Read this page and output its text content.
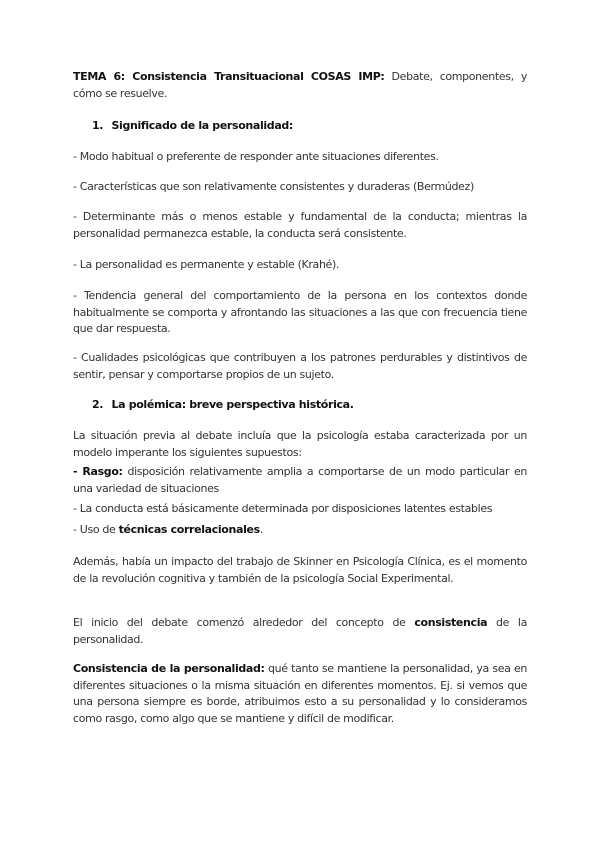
TEMA 6: Consistencia Transituacional COSAS IMP: Debate, componentes, y cómo se resuelve.

1. Significado de la personalidad:

- Modo habitual o preferente de responder ante situaciones diferentes.

- Características que son relativamente consistentes y duraderas (Bermúdez)

- Determinante más o menos estable y fundamental de la conducta; mientras la personalidad permanezca estable, la conducta será consistente.

- La personalidad es permanente y estable (Krahé).

- Tendencia general del comportamiento de la persona en los contextos donde habitualmente se comporta y afrontando las situaciones a las que con frecuencia tiene que dar respuesta.

- Cualidades psicológicas que contribuyen a los patrones perdurables y distintivos de sentir, pensar y comportarse propios de un sujeto.

2. La polémica: breve perspectiva histórica.

La situación previa al debate incluía que la psicología estaba caracterizada por un modelo imperante los siguientes supuestos:

- Rasgo: disposición relativamente amplia a comportarse de un modo particular en una variedad de situaciones

- La conducta está básicamente determinada por disposiciones latentes estables

- Uso de técnicas correlacionales.

Además, había un impacto del trabajo de Skinner en Psicología Clínica, es el momento de la revolución cognitiva y también de la psicología Social Experimental.

El inicio del debate comenzó alrededor del concepto de consistencia de la personalidad.

Consistencia de la personalidad: qué tanto se mantiene la personalidad, ya sea en diferentes situaciones o la misma situación en diferentes momentos. Ej. si vemos que una persona siempre es borde, atribuimos esto a su personalidad y lo consideramos como rasgo, como algo que se mantiene y difícil de modificar.
